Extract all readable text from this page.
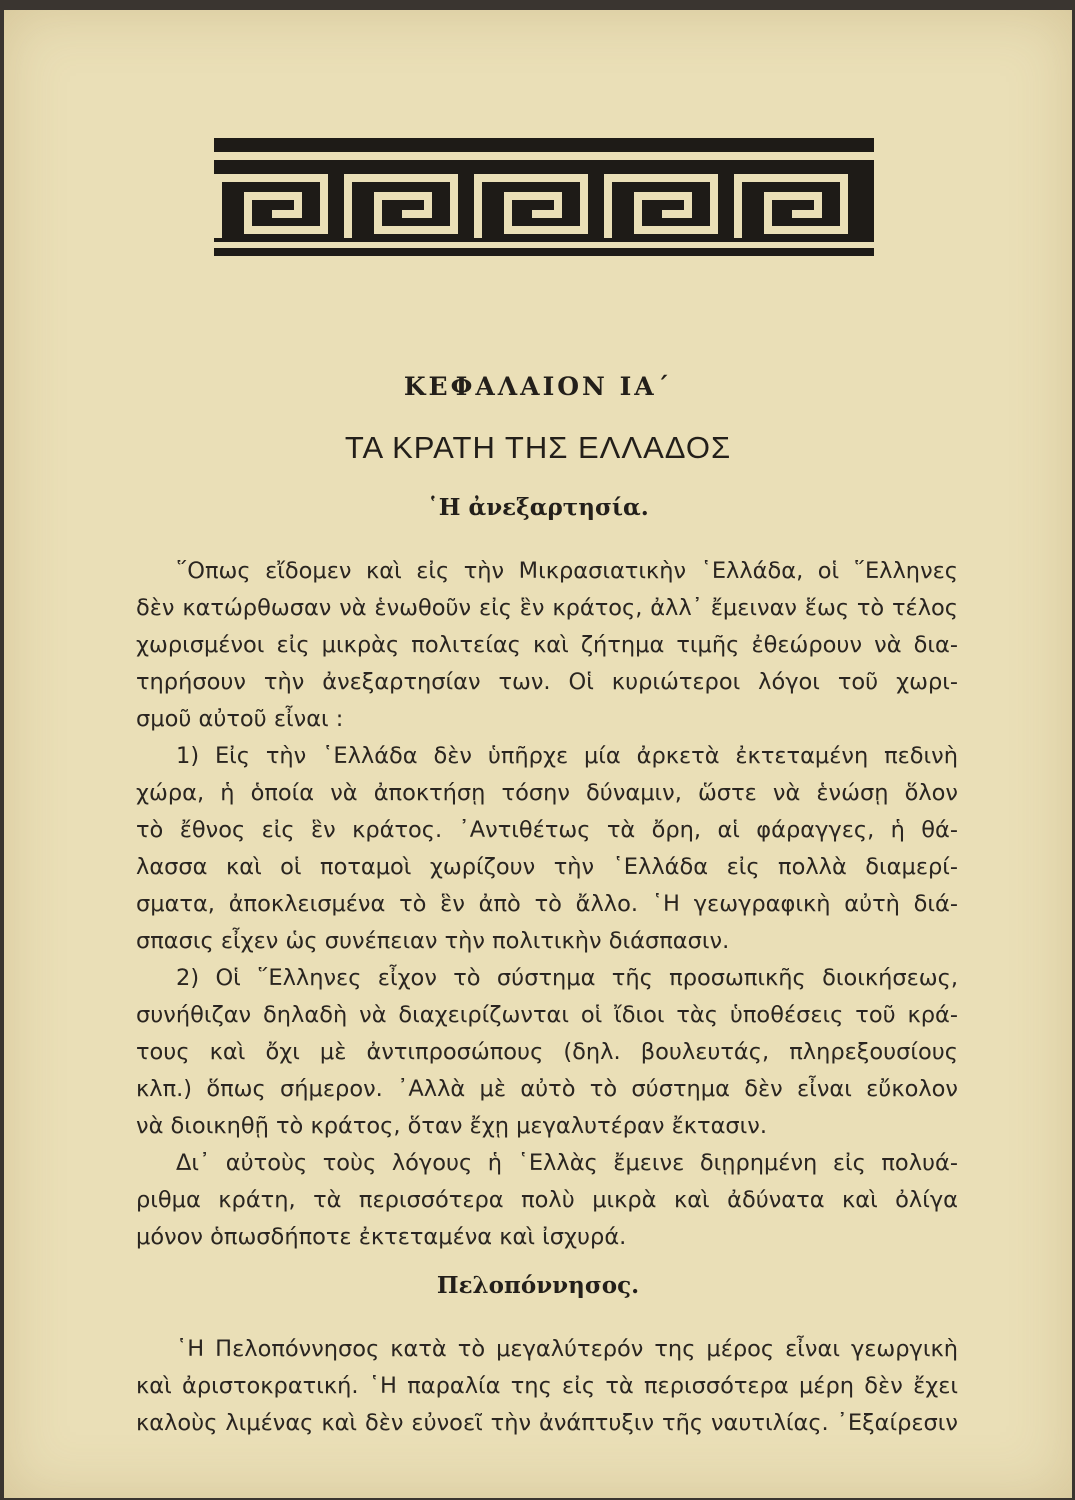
ΚΕΦΑΛΑΙΟΝ ΙΑ΄
ΤΑ ΚΡΑΤΗ ΤΗΣ ΕΛΛΑΔΟΣ
῾Η ἀνεξαρτησία.
῞Οπως εἴδομεν καὶ εἰς τὴν Μικρασιατικὴν ῾Ελλάδα, οἱ ῞Ελληνες
δὲν κατώρθωσαν νὰ ἑνωθοῦν εἰς ἓν κράτος, ἀλλ᾿ ἔμειναν ἕως τὸ τέλος
χωρισμένοι εἰς μικρὰς πολιτείας καὶ ζήτημα τιμῆς ἐθεώρουν νὰ δια-
τηρήσουν τὴν ἀνεξαρτησίαν των. Οἱ κυριώτεροι λόγοι τοῦ χωρι-
σμοῦ αὐτοῦ εἶναι :
1) Εἰς τὴν ῾Ελλάδα δὲν ὑπῆρχε μία ἀρκετὰ ἐκτεταμένη πεδινὴ
χώρα, ἡ ὁποία νὰ ἀποκτήσῃ τόσην δύναμιν, ὥστε νὰ ἑνώσῃ ὅλον
τὸ ἔθνος εἰς ἓν κράτος. ᾿Αντιθέτως τὰ ὄρη, αἱ φάραγγες, ἡ θά-
λασσα καὶ οἱ ποταμοὶ χωρίζουν τὴν ῾Ελλάδα εἰς πολλὰ διαμερί-
σματα, ἀποκλεισμένα τὸ ἓν ἀπὸ τὸ ἄλλο. ῾Η γεωγραφικὴ αὐτὴ διά-
σπασις εἶχεν ὡς συνέπειαν τὴν πολιτικὴν διάσπασιν.
2) Οἱ ῞Ελληνες εἶχον τὸ σύστημα τῆς προσωπικῆς διοικήσεως,
συνήθιζαν δηλαδὴ νὰ διαχειρίζωνται οἱ ἴδιοι τὰς ὑποθέσεις τοῦ κρά-
τους καὶ ὄχι μὲ ἀντιπροσώπους (δηλ. βουλευτάς, πληρεξουσίους
κλπ.) ὅπως σήμερον. ᾿Αλλὰ μὲ αὐτὸ τὸ σύστημα δὲν εἶναι εὔκολον
νὰ διοικηθῇ τὸ κράτος, ὅταν ἔχῃ μεγαλυτέραν ἔκτασιν.
Δι᾿ αὐτοὺς τοὺς λόγους ἡ ῾Ελλὰς ἔμεινε διῃρημένη εἰς πολυά-
ριθμα κράτη, τὰ περισσότερα πολὺ μικρὰ καὶ ἀδύνατα καὶ ὀλίγα
μόνον ὁπωσδήποτε ἐκτεταμένα καὶ ἰσχυρά.
Πελοπόννησος.
῾Η Πελοπόννησος κατὰ τὸ μεγαλύτερόν της μέρος εἶναι γεωργικὴ
καὶ ἀριστοκρατική. ῾Η παραλία της εἰς τὰ περισσότερα μέρη δὲν ἔχει
καλοὺς λιμένας καὶ δὲν εὐνοεῖ τὴν ἀνάπτυξιν τῆς ναυτιλίας. ᾿Εξαίρεσιν
